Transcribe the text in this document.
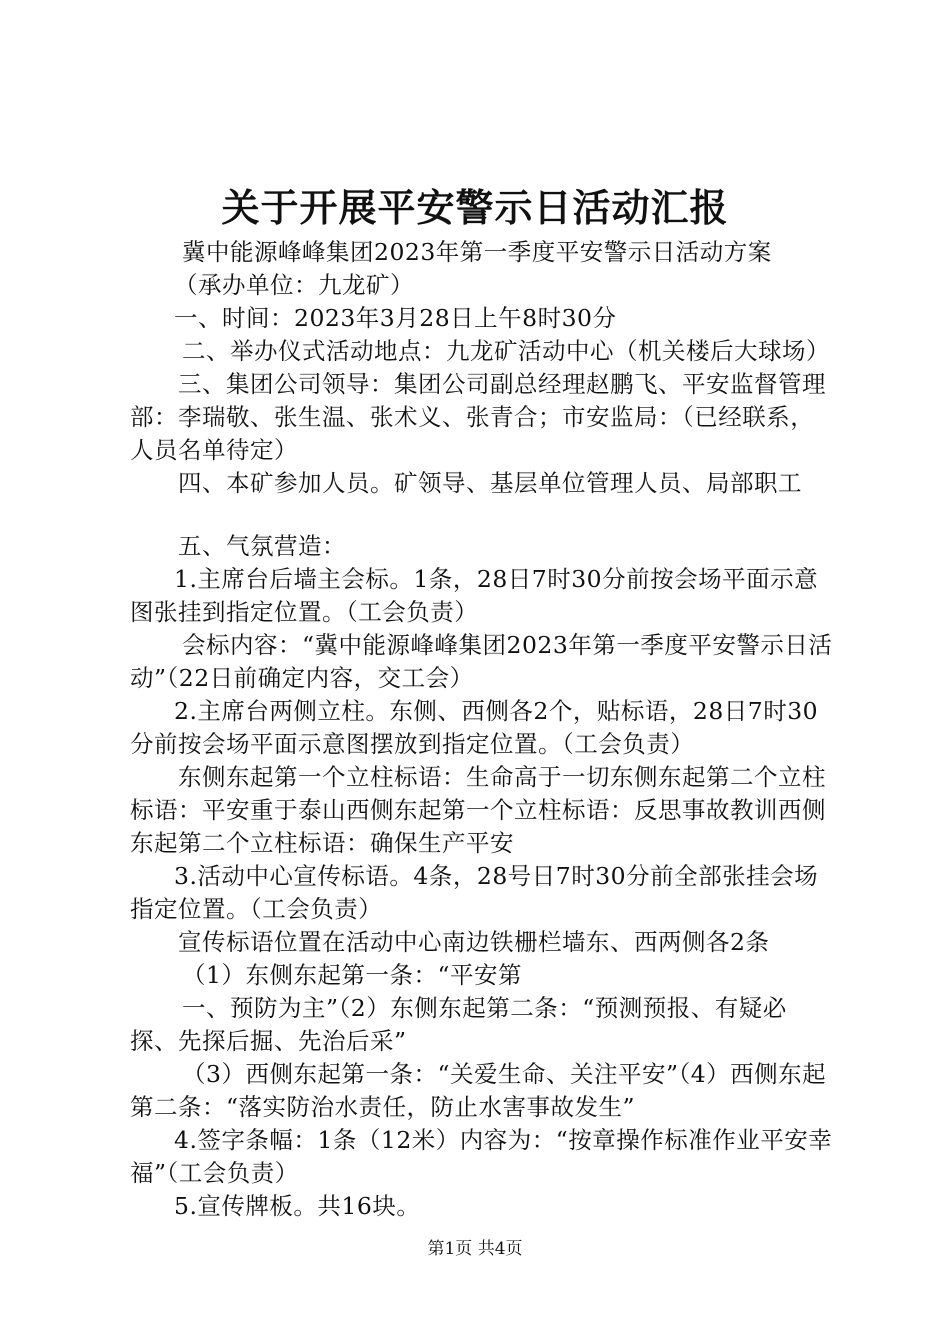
关于开展平安警示日活动汇报

冀中能源峰峰集团2023年第一季度平安警示日活动方案

（承办单位：九龙矿）

一、时间：2023年3月28日上午8时30分

二、举办仪式活动地点：九龙矿活动中心（机关楼后大球场）

三、集团公司领导：集团公司副总经理赵鹏飞、平安监督管理部：李瑞敬、张生温、张术义、张青合；市安监局：（已经联系，人员名单待定）

四、本矿参加人员。矿领导、基层单位管理人员、局部职工

五、气氛营造：

1.主席台后墙主会标。1条，28日7时30分前按会场平面示意图张挂到指定位置。（工会负责）

会标内容：“冀中能源峰峰集团2023年第一季度平安警示日活动”（22日前确定内容，交工会）

2.主席台两侧立柱。东侧、西侧各2个，贴标语，28日7时30分前按会场平面示意图摆放到指定位置。（工会负责）

东侧东起第一个立柱标语：生命高于一切东侧东起第二个立柱标语：平安重于泰山西侧东起第一个立柱标语：反思事故教训西侧东起第二个立柱标语：确保生产平安

3.活动中心宣传标语。4条，28号日7时30分前全部张挂会场指定位置。（工会负责）

宣传标语位置在活动中心南边铁栅栏墙东、西两侧各2条

（1）东侧东起第一条：“平安第

一、预防为主”（2）东侧东起第二条：“预测预报、有疑必探、先探后掘、先治后采”

（3）西侧东起第一条：“关爱生命、关注平安”（4）西侧东起第二条：“落实防治水责任，防止水害事故发生”

4.签字条幅：1条（12米）内容为：“按章操作标准作业平安幸福”（工会负责）

5.宣传牌板。共16块。

第1页 共4页
